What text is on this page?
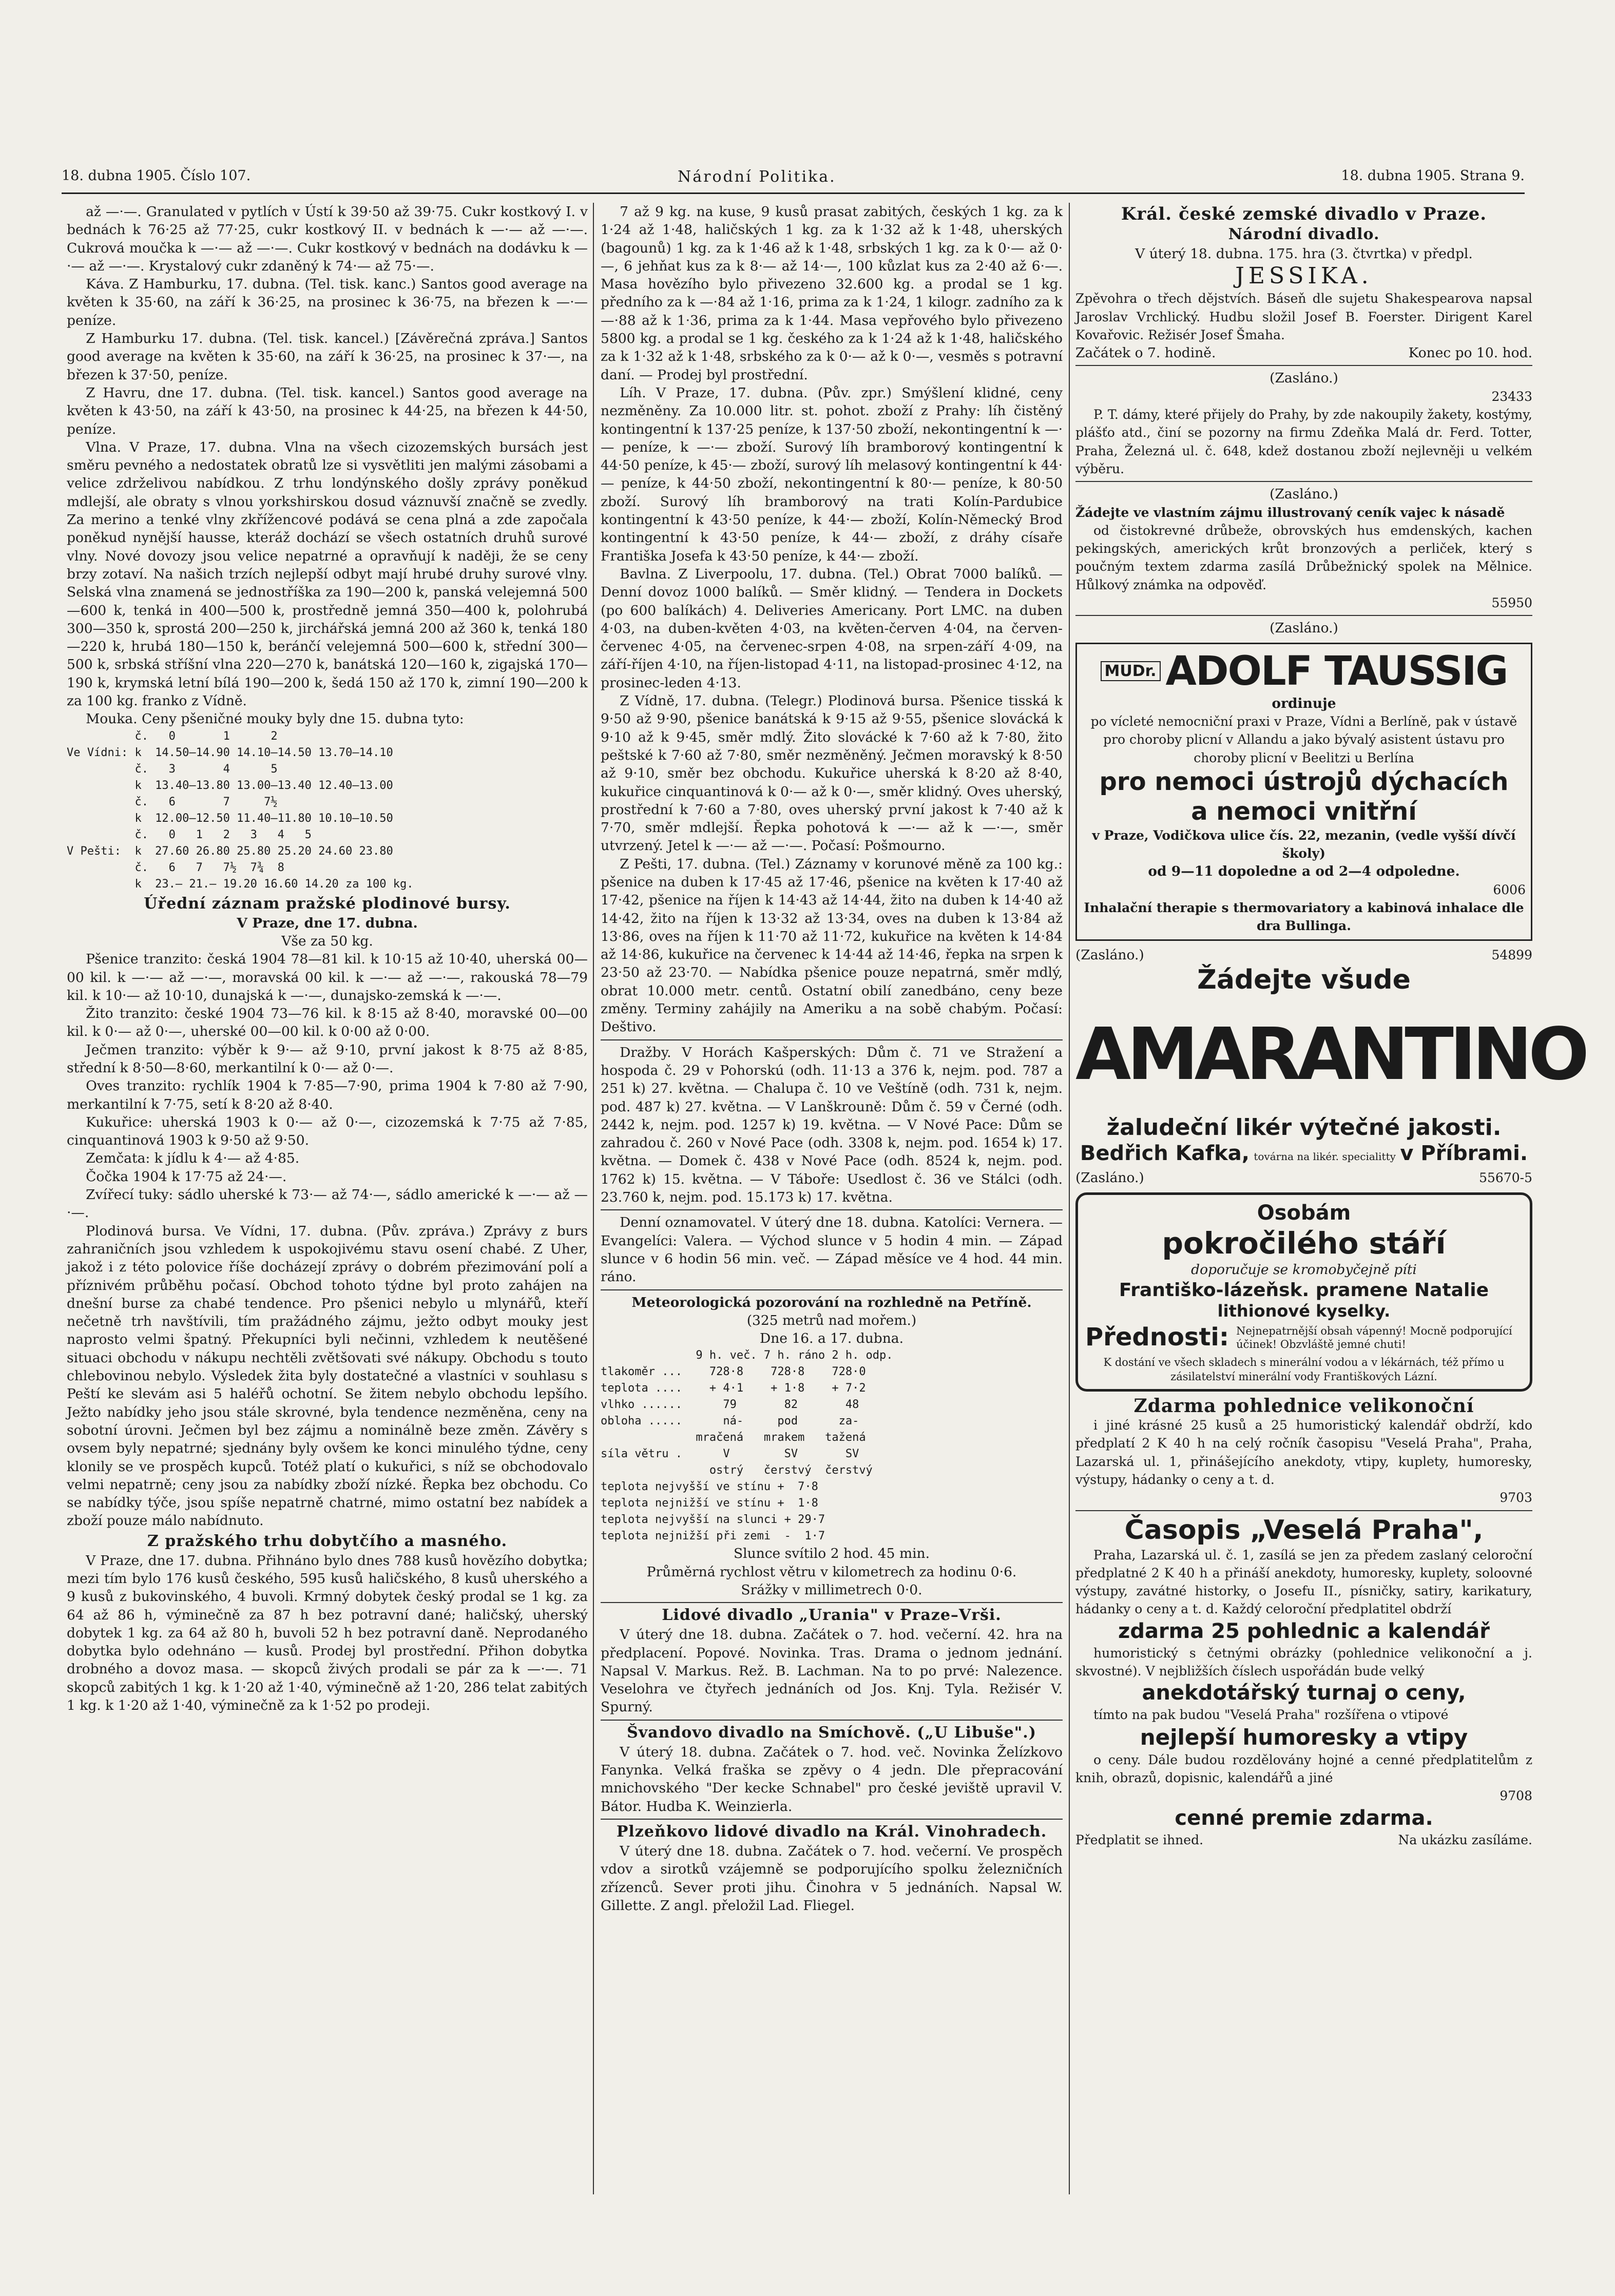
18. dubna 1905. Číslo 107.	Národní Politika.	18. dubna 1905. Strana 9.

až —·—. Granulated v pytlích v Ústí k 39·50 až 39·75. Cukr kostkový I. v bednách k 76·25 až 77·25, cukr kostkový II. v bednách k —·— až —·—. Cukrová moučka k —·— až —·—. Cukr kostkový v bednách na dodávku k —·— až —·—. Krystalový cukr zdaněný k 74·— až 75·—.

Káva. Z Hamburku, 17. dubna. (Tel. tisk. kanc.) Santos good average na květen k 35·60, na září k 36·25, na prosinec k 36·75, na březen k —·— peníze.

Z Hamburku 17. dubna. (Tel. tisk. kancel.) [Závěrečná zpráva.] Santos good average na květen k 35·60, na září k 36·25, na prosinec k 37·—, na březen k 37·50, peníze.

Z Havru, dne 17. dubna. (Tel. tisk. kancel.) Santos good average na květen k 43·50, na září k 43·50, na prosinec k 44·25, na březen k 44·50, peníze.

Vlna. V Praze, 17. dubna. Vlna na všech cizozemských bursách jest směru pevného a nedostatek obratů lze si vysvětliti jen malými zásobami a velice zdrželivou nabídkou. Z trhu londýnského došly zprávy poněkud mdlejší, ale obraty s vlnou yorkshirskou dosud váznuvší značně se zvedly. Za merino a tenké vlny zkřížencové podává se cena plná a zde započala poněkud nynější hausse, kteráž dochází se všech ostatních druhů surové vlny. Nové dovozy jsou velice nepatrné a opravňují k naději, že se ceny brzy zotaví. Na našich trzích nejlepší odbyt mají hrubé druhy surové vlny. Selská vlna znamená se jednostříška za 190—200 k, panská velejemná 500—600 k, tenká in 400—500 k, prostředně jemná 350—400 k, polohrubá 300—350 k, sprostá 200—250 k, jirchářská jemná 200 až 360 k, tenká 180—220 k, hrubá 180—150 k, beránčí velejemná 500—600 k, střední 300—500 k, srbská stříšní vlna 220—270 k, banátská 120—160 k, zigajská 170—190 k, krymská letní bílá 190—200 k, šedá 150 až 170 k, zimní 190—200 k za 100 kg. franko z Vídně.

Mouka. Ceny pšeničné mouky byly dne 15. dubna tyto:

č.   0       1      2
Ve Vídni: k  14.50—14.90 14.10—14.50 13.70—14.10
č.   3       4      5
k  13.40—13.80 13.00—13.40 12.40—13.00
č.   6       7     7½
k  12.00—12.50 11.40—11.80 10.10—10.50
č.   0   1   2   3   4   5
V Pešti:  k  27.60 26.80 25.80 25.20 24.60 23.80
č.   6   7   7½  7¾  8
k  23.— 21.— 19.20 16.60 14.20 za 100 kg.
Úřední záznam pražské plodinové bursy.
V Praze, dne 17. dubna.
Vše za 50 kg.

Pšenice tranzito: česká 1904 78—81 kil. k 10·15 až 10·40, uherská 00—00 kil. k —·— až —·—, moravská 00 kil. k —·— až —·—, rakouská 78—79 kil. k 10·— až 10·10, dunajská k —·—, dunajsko-zemská k —·—.

Žito tranzito: české 1904 73—76 kil. k 8·15 až 8·40, moravské 00—00 kil. k 0·— až 0·—, uherské 00—00 kil. k 0·00 až 0·00.

Ječmen tranzito: výběr k 9·— až 9·10, první jakost k 8·75 až 8·85, střední k 8·50—8·60, merkantilní k 0·— až 0·—.

Oves tranzito: rychlík 1904 k 7·85—7·90, prima 1904 k 7·80 až 7·90, merkantilní k 7·75, setí k 8·20 až 8·40.

Kukuřice: uherská 1903 k 0·— až 0·—, cizozemská k 7·75 až 7·85, cinquantinová 1903 k 9·50 až 9·50.

Zemčata: k jídlu k 4·— až 4·85.

Čočka 1904 k 17·75 až 24·—.

Zvířecí tuky: sádlo uherské k 73·— až 74·—, sádlo americké k —·— až —·—.

Plodinová bursa. Ve Vídni, 17. dubna. (Pův. zpráva.) Zprávy z burs zahraničních jsou vzhledem k uspokojivému stavu osení chabé. Z Uher, jakož i z této polovice říše docházejí zprávy o dobrém přezimování polí a příznivém průběhu počasí. Obchod tohoto týdne byl proto zahájen na dnešní burse za chabé tendence. Pro pšenici nebylo u mlynářů, kteří nečetně trh navštívili, tím pražádného zájmu, ježto odbyt mouky jest naprosto velmi špatný. Překupníci byli nečinni, vzhledem k neutěšené situaci obchodu v nákupu nechtěli zvětšovati své nákupy. Obchodu s touto chlebovinou nebylo. Výsledek žita byly dostatečné a vlastníci v souhlasu s Peští ke slevám asi 5 haléřů ochotní. Se žitem nebylo obchodu lepšího. Ježto nabídky jeho jsou stále skrovné, byla tendence nezměněna, ceny na sobotní úrovni. Ječmen byl bez zájmu a nominálně beze změn. Závěry s ovsem byly nepatrné; sjednány byly ovšem ke konci minulého týdne, ceny klonily se ve prospěch kupců. Totéž platí o kukuřici, s níž se obchodovalo velmi nepatrně; ceny jsou za nabídky zboží nízké. Řepka bez obchodu. Co se nabídky týče, jsou spíše nepatrně chatrné, mimo ostatní bez nabídek a zboží pouze málo nabídnuto.

Z pražského trhu dobytčího a masného.

V Praze, dne 17. dubna. Přihnáno bylo dnes 788 kusů hovězího dobytka; mezi tím bylo 176 kusů českého, 595 kusů haličského, 8 kusů uherského a 9 kusů z bukovinského, 4 buvoli. Krmný dobytek český prodal se 1 kg. za 64 až 86 h, výminečně za 87 h bez potravní dané; haličský, uherský dobytek 1 kg. za 64 až 80 h, buvoli 52 h bez potravní daně. Neprodaného dobytka bylo odehnáno — kusů. Prodej byl prostřední. Přihon dobytka drobného a dovoz masa. — skopců živých prodali se pár za k —·—. 71 skopců zabitých 1 kg. k 1·20 až 1·40, výminečně až 1·20, 286 telat zabitých 1 kg. k 1·20 až 1·40, výminečně za k 1·52 po prodeji.

7 až 9 kg. na kuse, 9 kusů prasat zabitých, českých 1 kg. za k 1·24 až 1·48, haličských 1 kg. za k 1·32 až k 1·48, uherských (bagounů) 1 kg. za k 1·46 až k 1·48, srbských 1 kg. za k 0·— až 0·—, 6 jehňat kus za k 8·— až 14·—, 100 kůzlat kus za 2·40 až 6·—. Masa hovězího bylo přivezeno 32.600 kg. a prodal se 1 kg. předního za k —·84 až 1·16, prima za k 1·24, 1 kilogr. zadního za k —·88 až k 1·36, prima za k 1·44. Masa vepřového bylo přivezeno 5800 kg. a prodal se 1 kg. českého za k 1·24 až k 1·48, haličského za k 1·32 až k 1·48, srbského za k 0·— až k 0·—, vesměs s potravní daní. — Prodej byl prostřední.

Líh. V Praze, 17. dubna. (Pův. zpr.) Smýšlení klidné, ceny nezměněny. Za 10.000 litr. st. pohot. zboží z Prahy: líh čistěný kontingentní k 137·25 peníze, k 137·50 zboží, nekontingentní k —·— peníze, k —·— zboží. Surový líh bramborový kontingentní k 44·50 peníze, k 45·— zboží, surový líh melasový kontingentní k 44·— peníze, k 44·50 zboží, nekontingentní k 80·— peníze, k 80·50 zboží. Surový líh bramborový na trati Kolín-Pardubice kontingentní k 43·50 peníze, k 44·— zboží, Kolín-Německý Brod kontingentní k 43·50 peníze, k 44·— zboží, z dráhy císaře Františka Josefa k 43·50 peníze, k 44·— zboží.

Bavlna. Z Liverpoolu, 17. dubna. (Tel.) Obrat 7000 balíků. — Denní dovoz 1000 balíků. — Směr klidný. — Tendera in Dockets (po 600 balíkách) 4. Deliveries Americany. Port LMC. na duben 4·03, na duben-květen 4·03, na květen-červen 4·04, na červen-červenec 4·05, na červenec-srpen 4·08, na srpen-září 4·09, na září-říjen 4·10, na říjen-listopad 4·11, na listopad-prosinec 4·12, na prosinec-leden 4·13.

Z Vídně, 17. dubna. (Telegr.) Plodinová bursa. Pšenice tisská k 9·50 až 9·90, pšenice banátská k 9·15 až 9·55, pšenice slovácká k 9·10 až k 9·45, směr mdlý. Žito slovácké k 7·60 až k 7·80, žito peštské k 7·60 až 7·80, směr nezměněný. Ječmen moravský k 8·50 až 9·10, směr bez obchodu. Kukuřice uherská k 8·20 až 8·40, kukuřice cinquantinová k 0·— až k 0·—, směr klidný. Oves uherský, prostřední k 7·60 a 7·80, oves uherský první jakost k 7·40 až k 7·70, směr mdlejší. Řepka pohotová k —·— až k —·—, směr utvrzený. Jetel k —·— až —·—. Počasí: Pošmourno.

Z Pešti, 17. dubna. (Tel.) Záznamy v korunové měně za 100 kg.: pšenice na duben k 17·45 až 17·46, pšenice na květen k 17·40 až 17·42, pšenice na říjen k 14·43 až 14·44, žito na duben k 14·40 až 14·42, žito na říjen k 13·32 až 13·34, oves na duben k 13·84 až 13·86, oves na říjen k 11·70 až 11·72, kukuřice na květen k 14·84 až 14·86, kukuřice na červenec k 14·44 až 14·46, řepka na srpen k 23·50 až 23·70. — Nabídka pšenice pouze nepatrná, směr mdlý, obrat 10.000 metr. centů. Ostatní obilí zanedbáno, ceny beze změny. Terminy zahájily na Ameriku a na sobě chabým. Počasí: Deštivo.

Dražby. V Horách Kašperských: Dům č. 71 ve Stražení a hospoda č. 29 v Pohorskú (odh. 11·13 a 376 k, nejm. pod. 787 a 251 k) 27. května. — Chalupa č. 10 ve Veštíně (odh. 731 k, nejm. pod. 487 k) 27. května. — V Lanškrouně: Dům č. 59 v Černé (odh. 2442 k, nejm. pod. 1257 k) 19. května. — V Nové Pace: Dům se zahradou č. 260 v Nové Pace (odh. 3308 k, nejm. pod. 1654 k) 17. května. — Domek č. 438 v Nové Pace (odh. 8524 k, nejm. pod. 1762 k) 15. května. — V Táboře: Usedlost č. 36 ve Stálci (odh. 23.760 k, nejm. pod. 15.173 k) 17. května.

Denní oznamovatel. V úterý dne 18. dubna. Katolíci: Vernera. — Evangelíci: Valera. — Východ slunce v 5 hodin 4 min. — Západ slunce v 6 hodin 56 min. več. — Západ měsíce ve 4 hod. 44 min. ráno.

Meteorologická pozorování na rozhledně na Petříně.
(325 metrů nad mořem.)
Dne 16. a 17. dubna.
9 h. več. 7 h. ráno 2 h. odp.
tlakoměr ...    728·8    728·8    728·0
teplota ....    + 4·1    + 1·8    + 7·2
vlhko ......      79       82       48
obloha .....      ná-     pod      za-
mračená   mrakem   tažená
síla větru .      V        SV       SV
ostrý   čerstvý  čerstvý
teplota nejvyšší ve stínu +  7·8
teplota nejnižší ve stínu +  1·8
teplota nejvyšší na slunci + 29·7
teplota nejnižší při zemi  -  1·7
Slunce svítilo 2 hod. 45 min.
Průměrná rychlost větru v kilometrech za hodinu 0·6.
Srážky v millimetrech 0·0.
Lidové divadlo „Urania" v Praze–Vrši.

V úterý dne 18. dubna. Začátek o 7. hod. večerní. 42. hra na předplacení. Popové. Novinka. Tras. Drama o jednom jednání. Napsal V. Markus. Rež. B. Lachman. Na to po prvé: Nalezence. Veselohra ve čtyřech jednáních od Jos. Knj. Tyla. Režisér V. Spurný.

Švandovo divadlo na Smíchově. („U Libuše".)

V úterý 18. dubna. Začátek o 7. hod. več. Novinka Želízkovo Fanynka. Velká fraška se zpěvy o 4 jedn. Dle přepracování mnichovského "Der kecke Schnabel" pro české jeviště upravil V. Bátor. Hudba K. Weinzierla.

Plzeňkovo lidové divadlo na Král. Vinohradech.

V úterý dne 18. dubna. Začátek o 7. hod. večerní. Ve prospěch vdov a sirotků vzájemně se podporujícího spolku železničních zřízenců. Sever proti jihu. Činohra v 5 jednáních. Napsal W. Gillette. Z angl. přeložil Lad. Fliegel.

Král. české zemské divadlo v Praze.
Národní divadlo.
V úterý 18. dubna. 175. hra (3. čtvrtka) v předpl.
JESSIKA.
Zpěvohra o třech dějstvích. Báseň dle sujetu Shakespearova napsal Jaroslav Vrchlický. Hudbu složil Josef B. Foerster. Dirigent Karel Kovařovic. Režisér Josef Šmaha.
Začátek o 7. hodině.	Konec po 10. hod.
(Zasláno.)
23433

P. T. dámy, které přijely do Prahy, by zde nakoupily žakety, kostýmy, plášťo atd., činí se pozorny na firmu Zdeňka Malá dr. Ferd. Totter, Praha, Železná ul. č. 648, kdež dostanou zboží nejlevněji u velkém výběru.

(Zasláno.)
Žádejte ve vlastním zájmu illustrovaný ceník vajec k násadě

od čistokrevné drůbeže, obrovských hus emdenských, kachen pekingských, amerických krůt bronzových a perliček, který s poučným textem zdarma zasílá Drůbežnický spolek na Mělnice. Hůlkový známka na odpověď.

55950
(Zasláno.)
MUDr. ADOLF TAUSSIG
ordinuje
po vícleté nemocniční praxi v Praze, Vídni a Berlíně, pak v ústavě pro choroby plicní v Allandu a jako bývalý asistent ústavu pro choroby plicní v Beelitzi u Berlína
pro nemoci ústrojů dýchacích
a nemoci vnitřní
v Praze, Vodičkova ulice čís. 22, mezanin, (vedle vyšší dívčí školy)
od 9—11 dopoledne a od 2—4 odpoledne.
6006
Inhalační therapie s thermovariatory a kabinová inhalace dle dra Bullinga.
(Zasláno.)	54899
Žádejte všude
AMARANTINO
žaludeční likér výtečné jakosti.
Bedřich Kafka, továrna na likér. specialitty v Příbrami.
(Zasláno.)	55670-5
Osobám
pokročilého stáří
doporučuje se kromobyčejně píti
Františko-lázeňsk. pramene Natalie
lithionové kyselky.
Přednosti: Nejnepatrnější obsah vápenný! Mocně podporující účinek! Obzvláště jemné chuti!
K dostání ve všech skladech s minerální vodou a v lékárnách, též přímo u zásilatelství minerální vody Františkových Lázní.
Zdarma pohlednice velikonoční

i jiné krásné 25 kusů a 25 humoristický kalendář obdrží, kdo předplatí 2 K 40 h na celý ročník časopisu "Veselá Praha", Praha, Lazarská ul. 1, přinášejícího anekdoty, vtipy, kuplety, humoresky, výstupy, hádanky o ceny a t. d.

9703
Časopis „Veselá Praha",

Praha, Lazarská ul. č. 1, zasílá se jen za předem zaslaný celoroční předplatné 2 K 40 h a přináší anekdoty, humoresky, kuplety, soloovné výstupy, zavátné historky, o Josefu II., písničky, satiry, karikatury, hádanky o ceny a t. d. Každý celoroční předplatitel obdrží

zdarma 25 pohlednic a kalendář

humoristický s četnými obrázky (pohlednice velikonoční a j. skvostné). V nejbližších číslech uspořádán bude velký

anekdotářský turnaj o ceny,

tímto na pak budou "Veselá Praha" rozšířena o vtipové

nejlepší humoresky a vtipy

o ceny. Dále budou rozdělovány hojné a cenné předplatitelům z knih, obrazů, dopisnic, kalendářů a jiné

9708
cenné premie zdarma.
Předplatit se ihned.	Na ukázku zasíláme.
